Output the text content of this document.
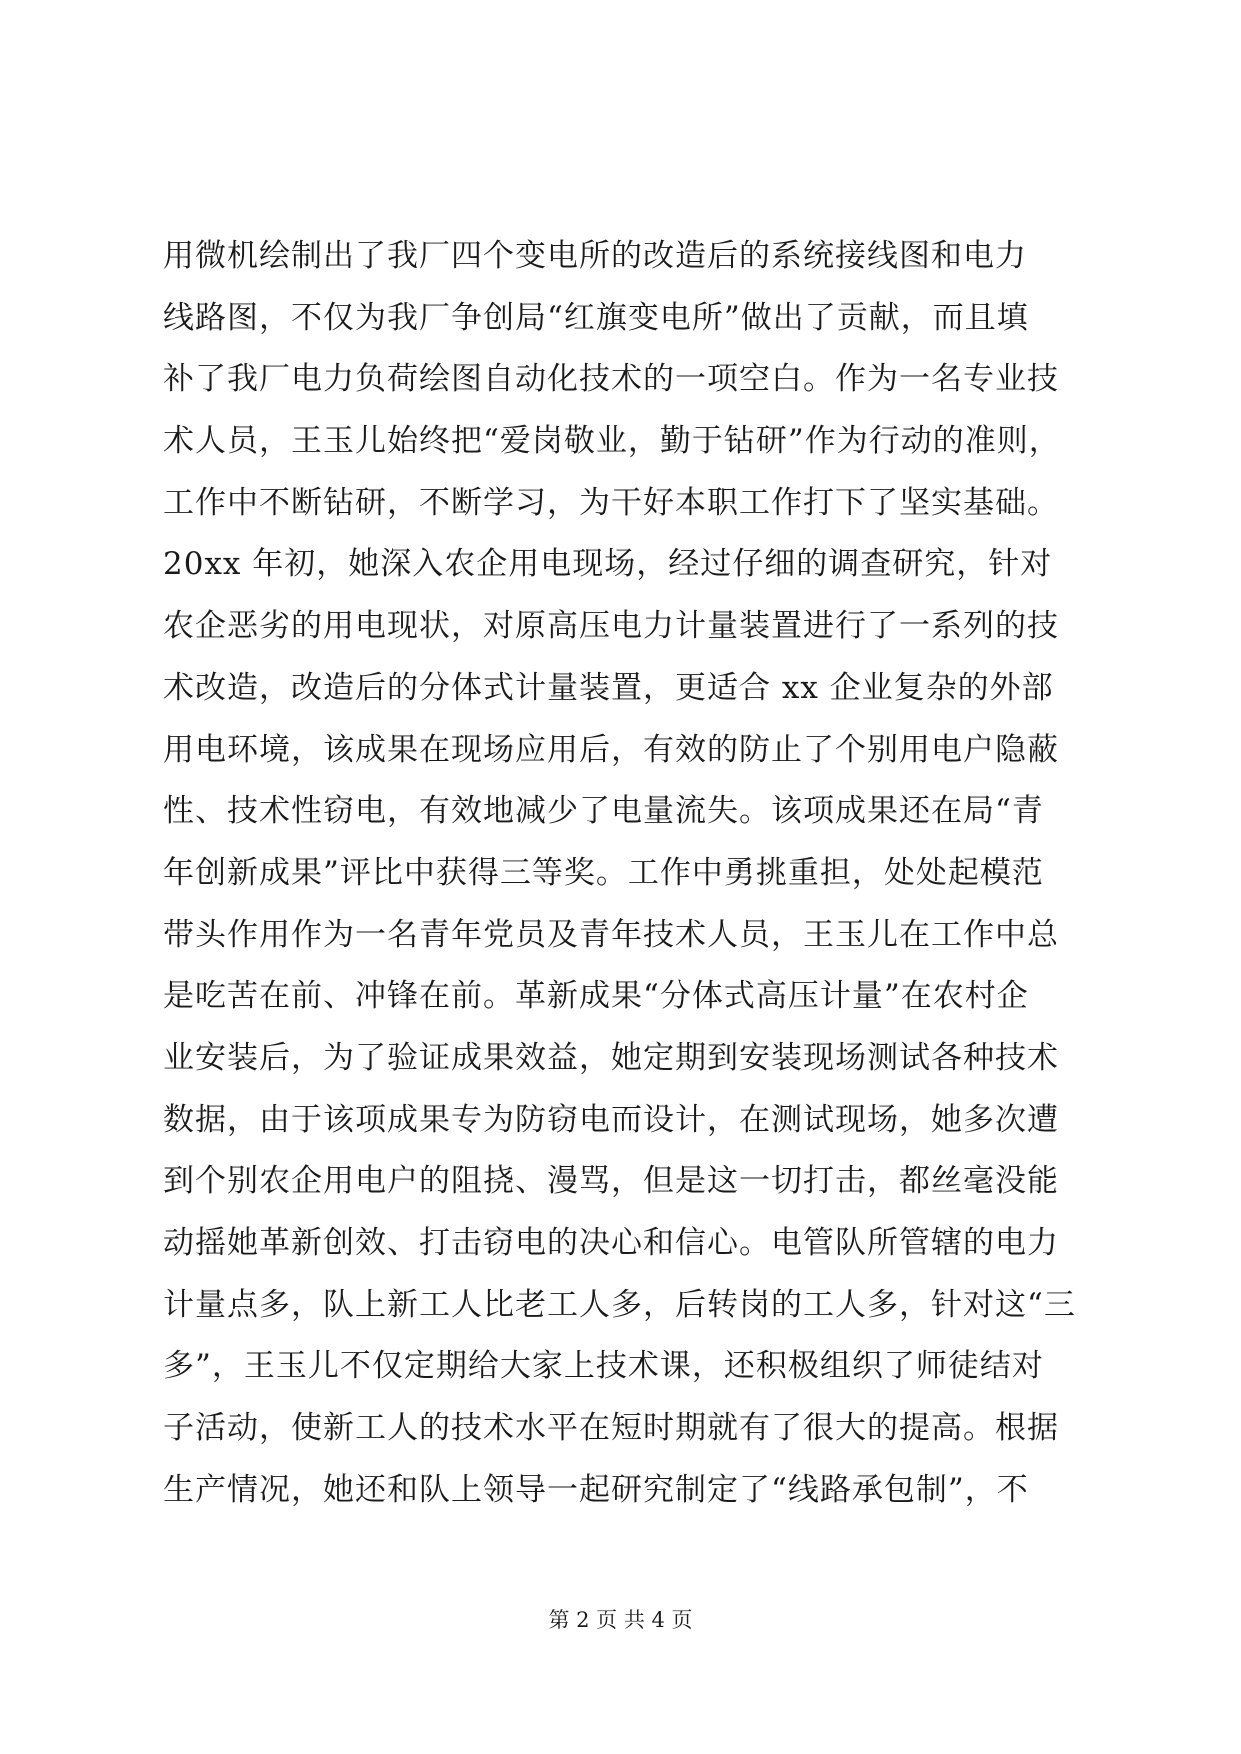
用微机绘制出了我厂四个变电所的改造后的系统接线图和电力
线路图，不仅为我厂争创局“红旗变电所”做出了贡献，而且填
补了我厂电力负荷绘图自动化技术的一项空白。作为一名专业技
术人员，王玉儿始终把“爱岗敬业，勤于钻研”作为行动的准则，
工作中不断钻研，不断学习，为干好本职工作打下了坚实基础。
20xx 年初，她深入农企用电现场，经过仔细的调查研究，针对
农企恶劣的用电现状，对原高压电力计量装置进行了一系列的技
术改造，改造后的分体式计量装置，更适合 xx 企业复杂的外部
用电环境，该成果在现场应用后，有效的防止了个别用电户隐蔽
性、技术性窃电，有效地减少了电量流失。该项成果还在局“青
年创新成果”评比中获得三等奖。工作中勇挑重担，处处起模范
带头作用作为一名青年党员及青年技术人员，王玉儿在工作中总
是吃苦在前、冲锋在前。革新成果“分体式高压计量”在农村企
业安装后，为了验证成果效益，她定期到安装现场测试各种技术
数据，由于该项成果专为防窃电而设计，在测试现场，她多次遭
到个别农企用电户的阻挠、漫骂，但是这一切打击，都丝毫没能
动摇她革新创效、打击窃电的决心和信心。电管队所管辖的电力
计量点多，队上新工人比老工人多，后转岗的工人多，针对这“三
多”，王玉儿不仅定期给大家上技术课，还积极组织了师徒结对
子活动，使新工人的技术水平在短时期就有了很大的提高。根据
生产情况，她还和队上领导一起研究制定了“线路承包制”，不
第 2 页 共 4 页
